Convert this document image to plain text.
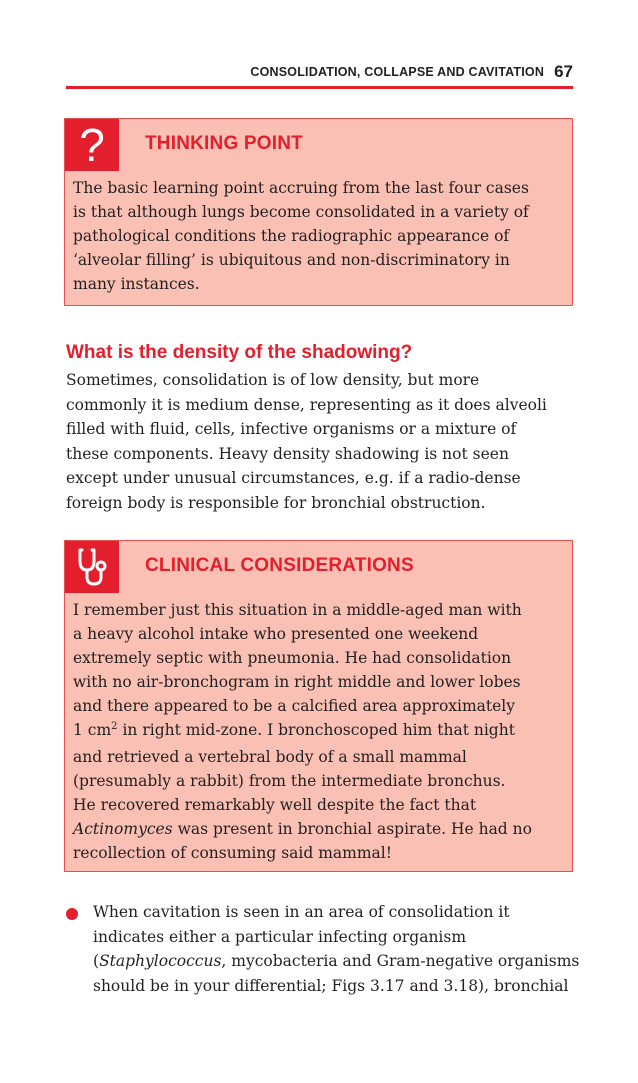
CONSOLIDATION, COLLAPSE AND CAVITATION 67
? THINKING POINT

The basic learning point accruing from the last four cases

is that although lungs become consolidated in a variety of

pathological conditions the radiographic appearance of

‘alveolar filling’ is ubiquitous and non-discriminatory in

many instances.

What is the density of the shadowing?

Sometimes, consolidation is of low density, but more

commonly it is medium dense, representing as it does alveoli

filled with fluid, cells, infective organisms or a mixture of

these components. Heavy density shadowing is not seen

except under unusual circumstances, e.g. if a radio-dense

foreign body is responsible for bronchial obstruction.

CLINICAL CONSIDERATIONS

I remember just this situation in a middle-aged man with

a heavy alcohol intake who presented one weekend

extremely septic with pneumonia. He had consolidation

with no air-bronchogram in right middle and lower lobes

and there appeared to be a calcified area approximately

1 $cm^2$ in right mid-zone. I bronchoscoped him that night

and retrieved a vertebral body of a small mammal

(presumably a rabbit) from the intermediate bronchus.

He recovered remarkably well despite the fact that

Actinomyces was present in bronchial aspirate. He had no

recollection of consuming said mammal!

When cavitation is seen in an area of consolidation it

indicates either a particular infecting organism

(Staphylococcus, mycobacteria and Gram-negative organisms

should be in your differential; Figs 3.17 and 3.18), bronchial
